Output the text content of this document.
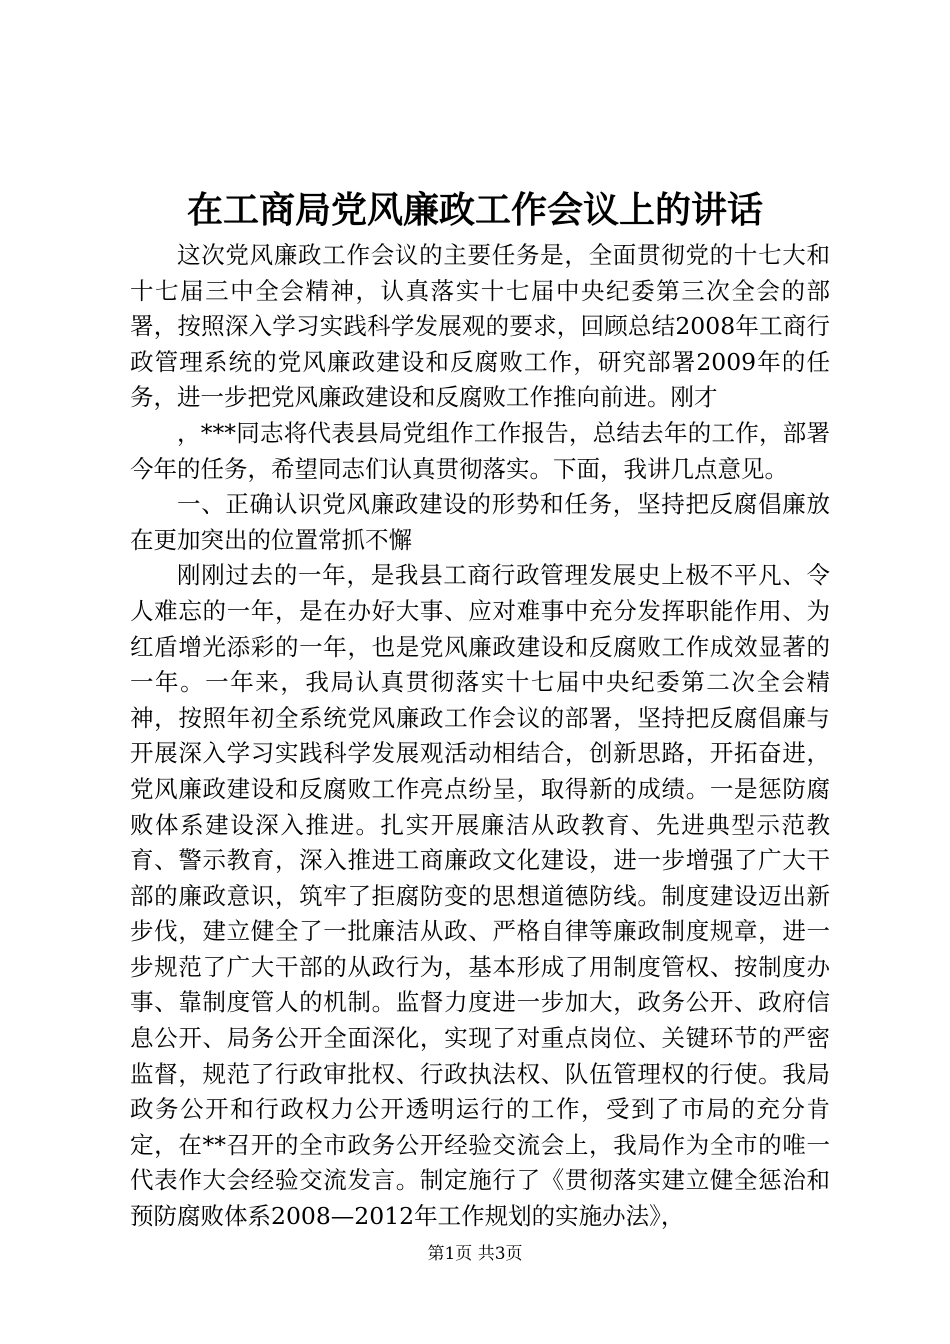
在工商局党风廉政工作会议上的讲话

这次党风廉政工作会议的主要任务是，全面贯彻党的十七大和十七届三中全会精神，认真落实十七届中央纪委第三次全会的部署，按照深入学习实践科学发展观的要求，回顾总结2008年工商行政管理系统的党风廉政建设和反腐败工作，研究部署2009年的任务，进一步把党风廉政建设和反腐败工作推向前进。刚才

，***同志将代表县局党组作工作报告，总结去年的工作，部署今年的任务，希望同志们认真贯彻落实。下面，我讲几点意见。

一、正确认识党风廉政建设的形势和任务，坚持把反腐倡廉放在更加突出的位置常抓不懈

刚刚过去的一年，是我县工商行政管理发展史上极不平凡、令人难忘的一年，是在办好大事、应对难事中充分发挥职能作用、为红盾增光添彩的一年，也是党风廉政建设和反腐败工作成效显著的一年。一年来，我局认真贯彻落实十七届中央纪委第二次全会精神，按照年初全系统党风廉政工作会议的部署，坚持把反腐倡廉与开展深入学习实践科学发展观活动相结合，创新思路，开拓奋进，党风廉政建设和反腐败工作亮点纷呈，取得新的成绩。一是惩防腐败体系建设深入推进。扎实开展廉洁从政教育、先进典型示范教育、警示教育，深入推进工商廉政文化建设，进一步增强了广大干部的廉政意识，筑牢了拒腐防变的思想道德防线。制度建设迈出新步伐，建立健全了一批廉洁从政、严格自律等廉政制度规章，进一步规范了广大干部的从政行为，基本形成了用制度管权、按制度办事、靠制度管人的机制。监督力度进一步加大，政务公开、政府信息公开、局务公开全面深化，实现了对重点岗位、关键环节的严密监督，规范了行政审批权、行政执法权、队伍管理权的行使。我局政务公开和行政权力公开透明运行的工作，受到了市局的充分肯定，在**召开的全市政务公开经验交流会上，我局作为全市的唯一代表作大会经验交流发言。制定施行了《贯彻落实建立健全惩治和预防腐败体系2008—2012年工作规划的实施办法》，

第1页 共3页
